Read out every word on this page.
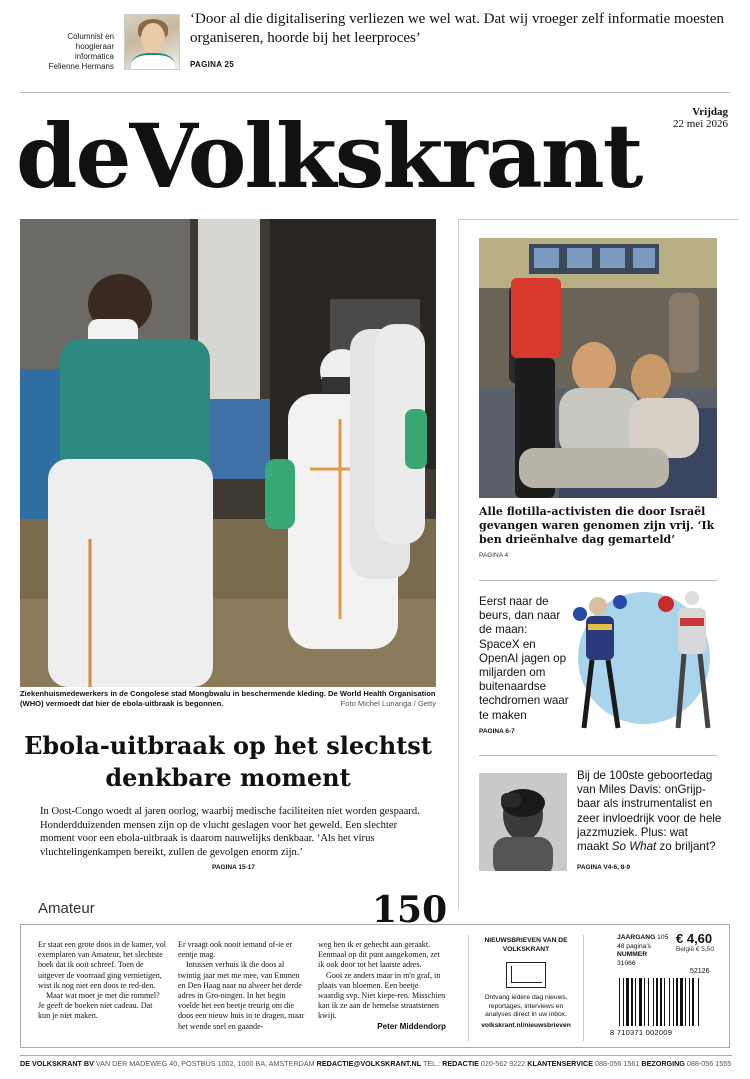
Columnist en
hoogleraar
informatica
Felienne Hermans
‘Door al die digitalisering verliezen we wel wat. Dat wij vroeger zelf informatie moesten organiseren, hoorde bij het leerproces’
PAGINA 25
deVolkskrant	Vrijdag
22 mei 2026
Ziekenhuismedewerkers in de Congolese stad Mongbwalu in beschermende kleding. De World Health Organisation (WHO) vermoedt dat hier de ebola-uitbraak is begonnen.	Foto Michel Lunanga / Getty
Ebola-uitbraak op het slechtst denkbare moment
In Oost-Congo woedt al jaren oorlog, waarbij medische faciliteiten niet worden gespaard. Honderdduizenden mensen zijn op de vlucht geslagen voor het geweld. Een slechter moment voor een ebola-uitbraak is daarom nauwelijks denkbaar. ‘Als het virus vluchtelingenkampen bereikt, zullen de gevolgen enorm zijn.’
PAGINA 15-17
Alle flotilla-activisten die door Israël gevangen waren genomen zijn vrij. ‘Ik ben drieënhalve dag gemarteld’
PAGINA 4
Eerst naar de beurs, dan naar de maan: SpaceX en OpenAI jagen op miljarden om buitenaardse techdromen waar te maken
PAGINA 6-7
Bij de 100ste geboortedag van Miles Davis: onGrijp-baar als instrumentalist en zeer invloedrijk voor de hele jazzmuziek. Plus: wat maakt So What zo briljant?
PAGINA V4-6, 8-9
Amateur	150

Er staat een grote doos in de kamer, vol exemplaren van Amateur, het slechtste boek dat ik ooit schreef. Toen de uitgever de voorraad ging vernietigen, wist ik nog niet een doos te red-den.

Maar wat moet je met die rommel? Je geeft de boeken niet cadeau. Dat kun je niet maken.

Er vraagt ook nooit iemand of-ie er eentje mag.

Intussen verhuis ik die doos al twintig jaar met me mee, van Emmen en Den Haag naar nu alweer het derde adres in Gro-ningen. In het begin voelde het een beetje treurig om die doos een nieuw huis in te dragen, maar het wende snel en gaande-

weg ben ik er gehecht aan geraakt. Eenmaal op dit punt aangekomen, zet ik ook door tot het laatste adres.

Gooi ze anders maar in m'n graf, in plaats van bloemen. Een beetje waardig svp. Niet kiepe-ren. Misschien kan ik ze aan de hemelse straatstenen kwijt.

Peter Middendorp

NIEUWSBRIEVEN VAN DE VOLKSKRANT
Ontvang iedere dag nieuws, reportages, interviews en analyses direct in uw inbox.
volkskrant.nl/nieuwsbrieven
JAARGANG 105
48 pagina's
NUMMER
31066
€ 4,60
België € 5,50
52126
8 710371 002009
DE VOLKSKRANT BV VAN DER MADEWEG 40, POSTBUS 1002, 1000 BA, AMSTERDAM REDACTIE@VOLKSKRANT.NL TEL.: REDACTIE 020-562 9222 KLANTENSERVICE 088-056 1561 BEZORGING 088-056 1555
